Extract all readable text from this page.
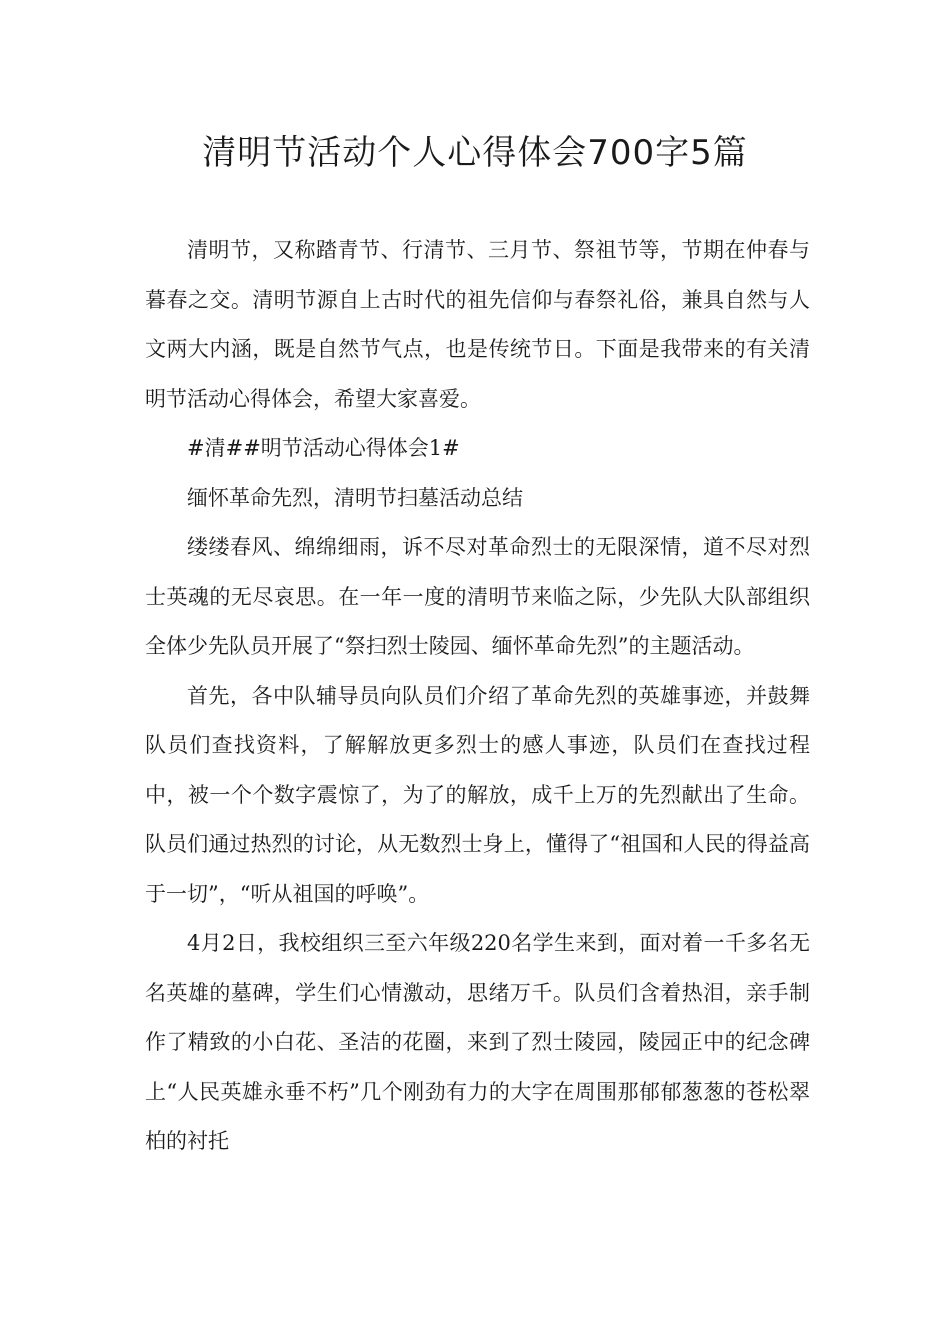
清明节活动个人心得体会700字5篇

清明节，又称踏青节、行清节、三月节、祭祖节等，节期在仲春与暮春之交。清明节源自上古时代的祖先信仰与春祭礼俗，兼具自然与人文两大内涵，既是自然节气点，也是传统节日。下面是我带来的有关清明节活动心得体会，希望大家喜爱。

#清##明节活动心得体会1#

缅怀革命先烈，清明节扫墓活动总结

缕缕春风、绵绵细雨，诉不尽对革命烈士的无限深情，道不尽对烈士英魂的无尽哀思。在一年一度的清明节来临之际，少先队大队部组织全体少先队员开展了“祭扫烈士陵园、缅怀革命先烈”的主题活动。

首先，各中队辅导员向队员们介绍了革命先烈的英雄事迹，并鼓舞队员们查找资料，了解解放更多烈士的感人事迹，队员们在查找过程中，被一个个数字震惊了，为了的解放，成千上万的先烈献出了生命。队员们通过热烈的讨论，从无数烈士身上，懂得了“祖国和人民的得益高于一切”，“听从祖国的呼唤”。

4月2日，我校组织三至六年级220名学生来到，面对着一千多名无名英雄的墓碑，学生们心情激动，思绪万千。队员们含着热泪，亲手制作了精致的小白花、圣洁的花圈，来到了烈士陵园，陵园正中的纪念碑上“人民英雄永垂不朽”几个刚劲有力的大字在周围那郁郁葱葱的苍松翠柏的衬托
